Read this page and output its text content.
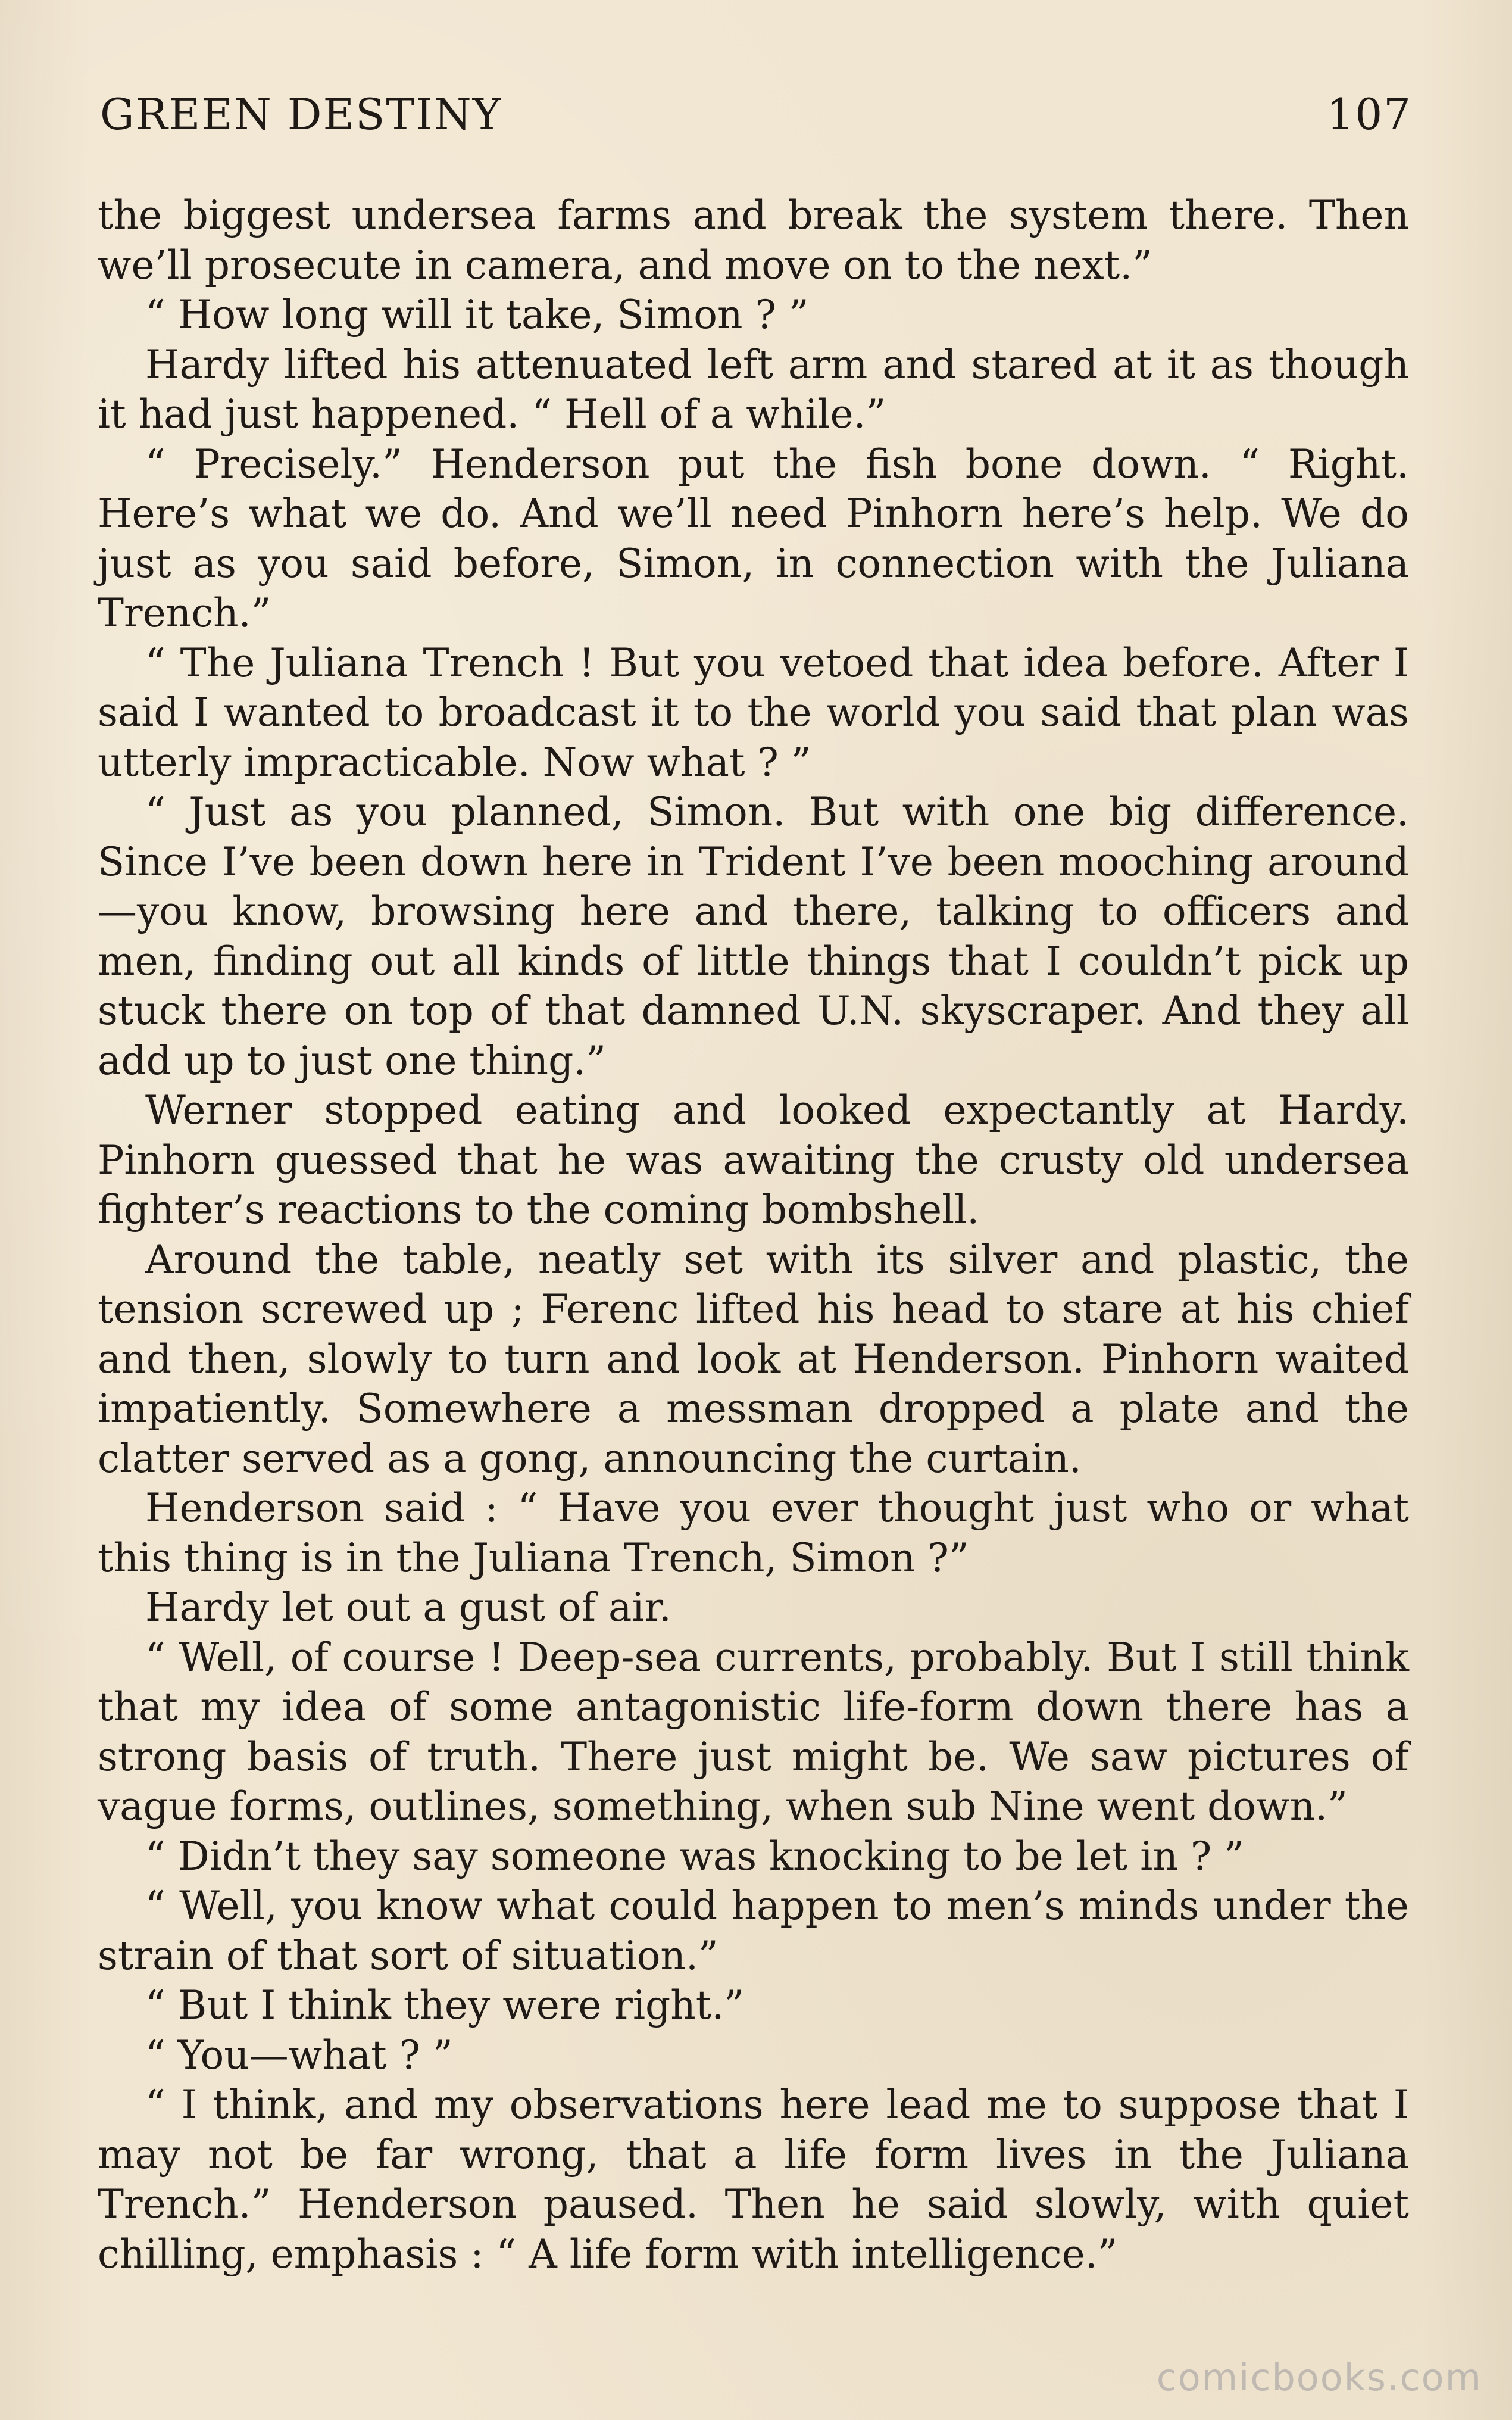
GREEN DESTINY	107

the biggest undersea farms and break the system there. Then we’ll prosecute in camera, and move on to the next.”

“ How long will it take, Simon ? ”

Hardy lifted his attenuated left arm and stared at it as though it had just happened. “ Hell of a while.”

“ Precisely.” Henderson put the fish bone down. “ Right. Here’s what we do. And we’ll need Pinhorn here’s help. We do just as you said before, Simon, in connection with the Juliana Trench.”

“ The Juliana Trench ! But you vetoed that idea before. After I said I wanted to broadcast it to the world you said that plan was utterly impracticable. Now what ? ”

“ Just as you planned, Simon. But with one big difference. Since I’ve been down here in Trident I’ve been mooching around—you know, browsing here and there, talking to officers and men, finding out all kinds of little things that I couldn’t pick up stuck there on top of that damned U.N. skyscraper. And they all add up to just one thing.”

Werner stopped eating and looked expectantly at Hardy. Pinhorn guessed that he was awaiting the crusty old undersea fighter’s reactions to the coming bombshell.

Around the table, neatly set with its silver and plastic, the tension screwed up ; Ferenc lifted his head to stare at his chief and then, slowly to turn and look at Henderson. Pinhorn waited impatiently. Somewhere a messman dropped a plate and the clatter served as a gong, announcing the curtain.

Henderson said : “ Have you ever thought just who or what this thing is in the Juliana Trench, Simon ?”

Hardy let out a gust of air.

“ Well, of course ! Deep-sea currents, probably. But I still think that my idea of some antagonistic life-form down there has a strong basis of truth. There just might be. We saw pictures of vague forms, outlines, something, when sub Nine went down.”

“ Didn’t they say someone was knocking to be let in ? ”

“ Well, you know what could happen to men’s minds under the strain of that sort of situation.”

“ But I think they were right.”

“ You—what ? ”

“ I think, and my observations here lead me to suppose that I may not be far wrong, that a life form lives in the Juliana Trench.” Henderson paused. Then he said slowly, with quiet chilling, emphasis : “ A life form with intelligence.”

comicbooks.com
